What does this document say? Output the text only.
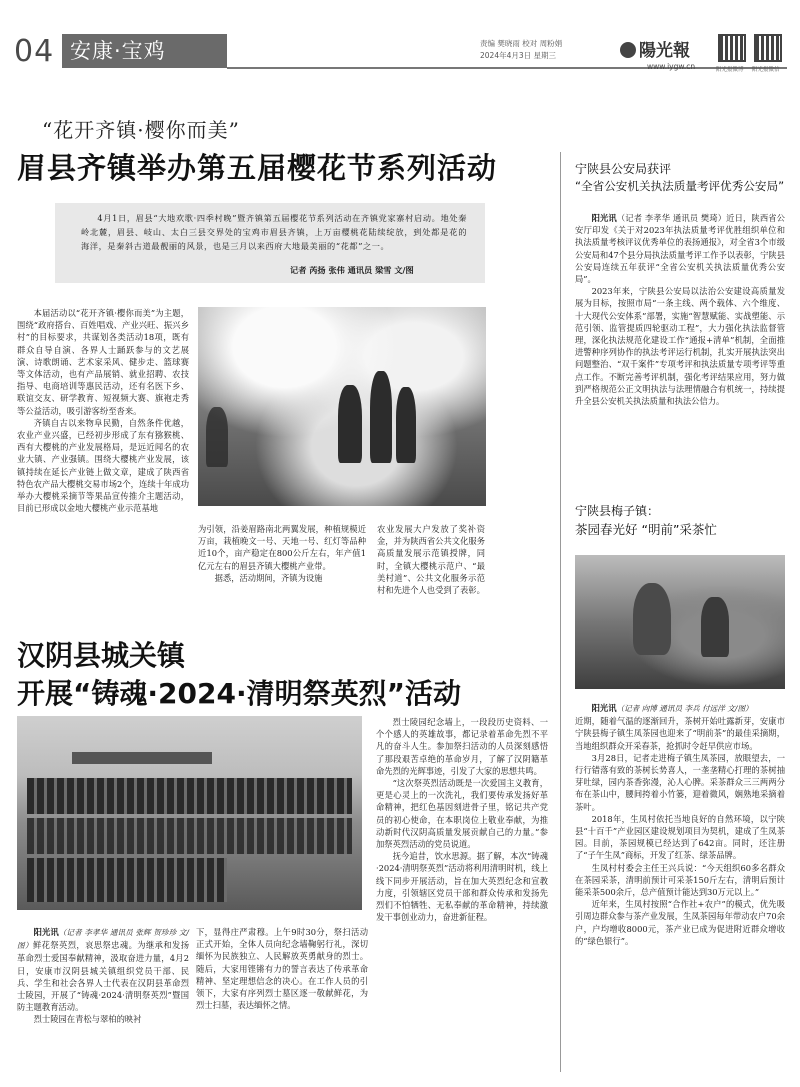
04 安康·宝鸡	责编 樊晓雨 校对 周粉娟
2024年4月3日 星期三	陽光報
www.iygw.cn	阳光报微博 阳光报微信
“花开齐镇·樱你而美”
眉县齐镇举办第五届樱花节系列活动

4月1日，眉县“大地欢歌·四季村晚”暨齐镇第五届樱花节系列活动在齐镇党家寨村启动。地处秦岭北麓，眉县、岐山、太白三县交界处的宝鸡市眉县齐镇，上万亩樱桃花陆续绽放，到处都是花的海洋，是秦斜古道最靓丽的风景，也是三月以来西府大地最美丽的“花都”之一。

记者 芮扬 张伟 通讯员 梁雪 文/图

本届活动以“花开齐镇·樱你而美”为主题，围绕“政府搭台、百姓唱戏、产业兴旺、振兴乡村”的目标要求，共谋划各类活动18项，既有群众自导自演、各界人士踊跃参与的文艺展演、诗歌朗诵、艺术家采风、健步走、篮球赛等文体活动，也有产品展销、就业招聘、农技指导、电商培训等惠民活动，还有名医下乡、联谊交友、研学教育、短视频大赛、旗袍走秀等公益活动，吸引游客纷至沓来。

齐镇自古以来物阜民勤，自然条件优越，农业产业兴盛，已经初步形成了东有猕猴桃、西有大樱桃的产业发展格局，是远近闻名的农业大镇、产业强镇。围绕大樱桃产业发展，该镇持续在延长产业链上做文章，建成了陕西省特色农产品大樱桃交易市场2个，连续十年成功举办大樱桃采摘节等果品宣传推介主题活动，目前已形成以金地大樱桃产业示范基地

为引领，沿姜眉路南北两翼发展，种植规模近万亩，栽植晚文一号、天地一号、红灯等品种近10个，亩产稳定在800公斤左右，年产值1亿元左右的眉县齐镇大樱桃产业带。

据悉，活动期间，齐镇为设施

农业发展大户发放了奖补资金，并为陕西省公共文化服务高质量发展示范镇授牌，同时，全镇大樱桃示范户、“最美村道”、公共文化服务示范村和先进个人也受到了表彰。

汉阴县城关镇
开展“铸魂·2024·清明祭英烈”活动

阳光讯（记者 李孝华 通讯员 张辉 贺珍珍 文/图）鲜花祭英烈，哀思祭忠魂。为继承和发扬革命烈士爱国奉献精神，汲取奋进力量，4月2日，安康市汉阴县城关镇组织党员干部、民兵、学生和社会各界人士代表在汉阴县革命烈士陵园，开展了“铸魂·2024·清明祭英烈”暨国防主题教育活动。

烈士陵园在青松与翠柏的映衬

下，显得庄严肃穆。上午9时30分，祭扫活动正式开始，全体人员向纪念墙鞠躬行礼，深切缅怀为民族独立、人民解放英勇献身的烈士。随后，大家用铿锵有力的誓言表达了传承革命精神、坚定理想信念的决心。在工作人员的引领下，大家有序列烈士墓区逐一敬献鲜花，为烈士扫墓，表达缅怀之情。

烈士陵园纪念墙上，一段段历史资料、一个个感人的英雄故事，都记录着革命先烈不平凡的奋斗人生。参加祭扫活动的人员深刻感悟了那段艰苦卓绝的革命岁月，了解了汉阴籍革命先烈的光辉事迹，引发了大家的思想共鸣。

“这次祭英烈活动既是一次爱国主义教育，更是心灵上的一次洗礼，我们要传承发扬好革命精神，把红色基因刻进骨子里，铭记共产党员的初心使命，在本职岗位上敬业奉献，为推动新时代汉阴高质量发展贡献自己的力量。”参加祭英烈活动的党员说道。

抚今追昔，饮水思源。据了解，本次“铸魂·2024·清明祭英烈”活动将利用清明时机，线上线下同步开展活动，旨在加大英烈纪念和宣教力度，引领辖区党员干部和群众传承和发扬先烈们不怕牺牲、无私奉献的革命精神，持续激发干事创业动力，奋进新征程。

宁陕县公安局获评
“全省公安机关执法质量考评优秀公安局”

阳光讯（记者 李孝华 通讯员 樊琦）近日，陕西省公安厅印发《关于对2023年执法质量考评优胜组织单位和执法质量考核评议优秀单位的表扬通报》，对全省3个市级公安局和47个县分局执法质量考评工作予以表彰，宁陕县公安局连续五年获评“全省公安机关执法质量优秀公安局”。

2023年来，宁陕县公安局以法治公安建设高质量发展为目标，按照市局“一条主线、两个载体、六个维度、十大现代公安体系”部署，实施“智慧赋能、实战塑能、示范引领、监管提质四轮驱动工程”，大力强化执法监督管理，深化执法规范化建设工作“通报+清单”机制，全面推进警种序列协作的执法考评运行机制，扎实开展执法突出问题整治、“双千案件”专项考评和执法质量专项考评等重点工作。不断完善考评机制，强化考评结果应用，努力做到严格规范公正文明执法与法理情融合有机统一，持续提升全县公安机关执法质量和执法公信力。

宁陕县梅子镇：
茶园春光好 “明前”采茶忙

阳光讯（记者 向博 通讯员 李兵 付远洋 文/图）

近期，随着气温的逐渐回升，茶树开始吐露新芽，安康市宁陕县梅子镇生凤茶园也迎来了“明前茶”的最佳采摘期，当地组织群众开采春茶，抢抓时令赶早供应市场。

3月28日，记者走进梅子镇生凤茶园，放眼望去，一行行错落有致的茶树长势喜人，一垄垄精心打理的茶树抽芽吐绿，园内茶香弥漫，沁人心脾。采茶群众三三两两分布在茶山中，腰间挎着小竹篓，迎着微风，娴熟地采摘着茶叶。

2018年，生凤村依托当地良好的自然环境，以宁陕县“十百千”产业园区建设规划项目为契机，建成了生凤茶园。目前，茶园规模已经达到了642亩。同时，还注册了“子午生凤”商标，开发了红茶、绿茶品牌。

生凤村村委会主任王兴兵说：“今天组织60多名群众在茶园采茶，清明前预计可采茶150斤左右，清明后预计能采茶500余斤，总产值预计能达到30万元以上。”

近年来，生凤村按照“合作社+农户”的模式，优先吸引周边群众参与茶产业发展，生凤茶园每年带动农户70余户，户均增收8000元，茶产业已成为促进附近群众增收的“绿色银行”。
